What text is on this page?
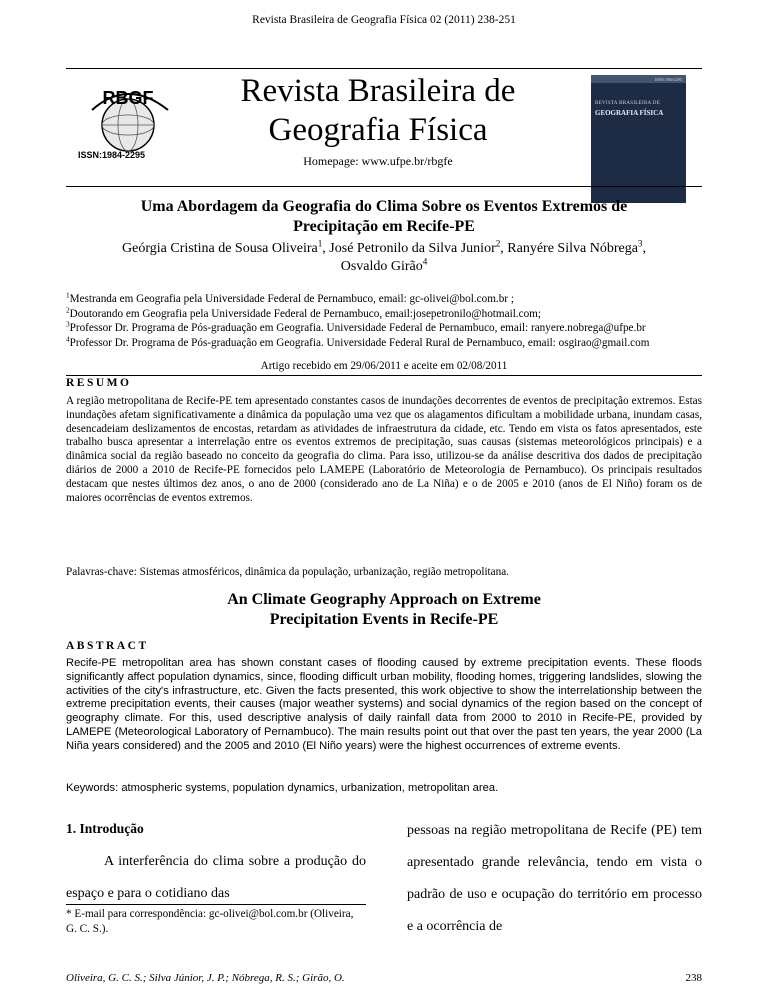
Revista Brasileira de Geografia Física 02 (2011) 238-251
RBGF
ISSN:1984-2295
Revista Brasileira de
Geografia Física
Homepage: www.ufpe.br/rbgfe
ISSN 1984-2295
REVISTA BRASILEIRA DE
GEOGRAFIA FÍSICA
Uma Abordagem da Geografia do Clima Sobre os Eventos Extremos de
Precipitação em Recife-PE
Geórgia Cristina de Sousa Oliveira$^1$, José Petronilo da Silva Junior$^2$, Ranyére Silva Nóbrega$^3$,
Osvaldo Girão$^4$

$^1$Mestranda em Geografia pela Universidade Federal de Pernambuco, email: gc-olivei@bol.com.br ;

$^2$Doutorando em Geografia pela Universidade Federal de Pernambuco, email:josepetronilo@hotmail.com;

$^3$Professor Dr. Programa de Pós-graduação em Geografia. Universidade Federal de Pernambuco, email: ranyere.nobrega@ufpe.br

$^4$Professor Dr. Programa de Pós-graduação em Geografia. Universidade Federal Rural de Pernambuco, email: osgirao@gmail.com

Artigo recebido em 29/06/2011 e aceite em 02/08/2011
RESUMO

A região metropolitana de Recife-PE tem apresentado constantes casos de inundações decorrentes de eventos de precipitação extremos. Estas inundações afetam significativamente a dinâmica da população uma vez que os alagamentos dificultam a mobilidade urbana, inundam casas, desencadeiam deslizamentos de encostas, retardam as atividades de infraestrutura da cidade, etc. Tendo em vista os fatos apresentados, este trabalho busca apresentar a interrelação entre os eventos extremos de precipitação, suas causas (sistemas meteorológicos principais) e a dinâmica social da região baseado no conceito da geografia do clima. Para isso, utilizou-se da análise descritiva dos dados de precipitação diários de 2000 a 2010 de Recife-PE fornecidos pelo LAMEPE (Laboratório de Meteorologia de Pernambuco). Os principais resultados destacam que nestes últimos dez anos, o ano de 2000 (considerado ano de La Niña) e o de 2005 e 2010 (anos de El Niño) foram os de maiores ocorrências de eventos extremos.

Palavras-chave: Sistemas atmosféricos, dinâmica da população, urbanização, região metropolitana.
An Climate Geography Approach on Extreme
Precipitation Events in Recife-PE
ABSTRACT

Recife-PE metropolitan area has shown constant cases of flooding caused by extreme precipitation events. These floods significantly affect population dynamics, since, flooding difficult urban mobility, flooding homes, triggering landslides, slowing the activities of the city's infrastructure, etc. Given the facts presented, this work objective to show the interrelationship between the extreme precipitation events, their causes (major weather systems) and social dynamics of the region based on the concept of geography climate. For this, used descriptive analysis of daily rainfall data from 2000 to 2010 in Recife-PE, provided by LAMEPE (Meteorological Laboratory of Pernambuco). The main results point out that over the past ten years, the year 2000 (La Niña years considered) and the 2005 and 2010 (El Niño years) were the highest occurrences of extreme events.

Keywords: atmospheric systems, population dynamics, urbanization, metropolitan area.
1. Introdução

A interferência do clima sobre a produção do espaço e para o cotidiano das

pessoas na região metropolitana de Recife (PE) tem apresentado grande relevância, tendo em vista o padrão de uso e ocupação do território em processo e a ocorrência de

* E-mail para correspondência: gc-olivei@bol.com.br (Oliveira, G. C. S.).
Oliveira, G. C. S.; Silva Júnior, J. P.; Nóbrega, R. S.; Girão, O.	238
